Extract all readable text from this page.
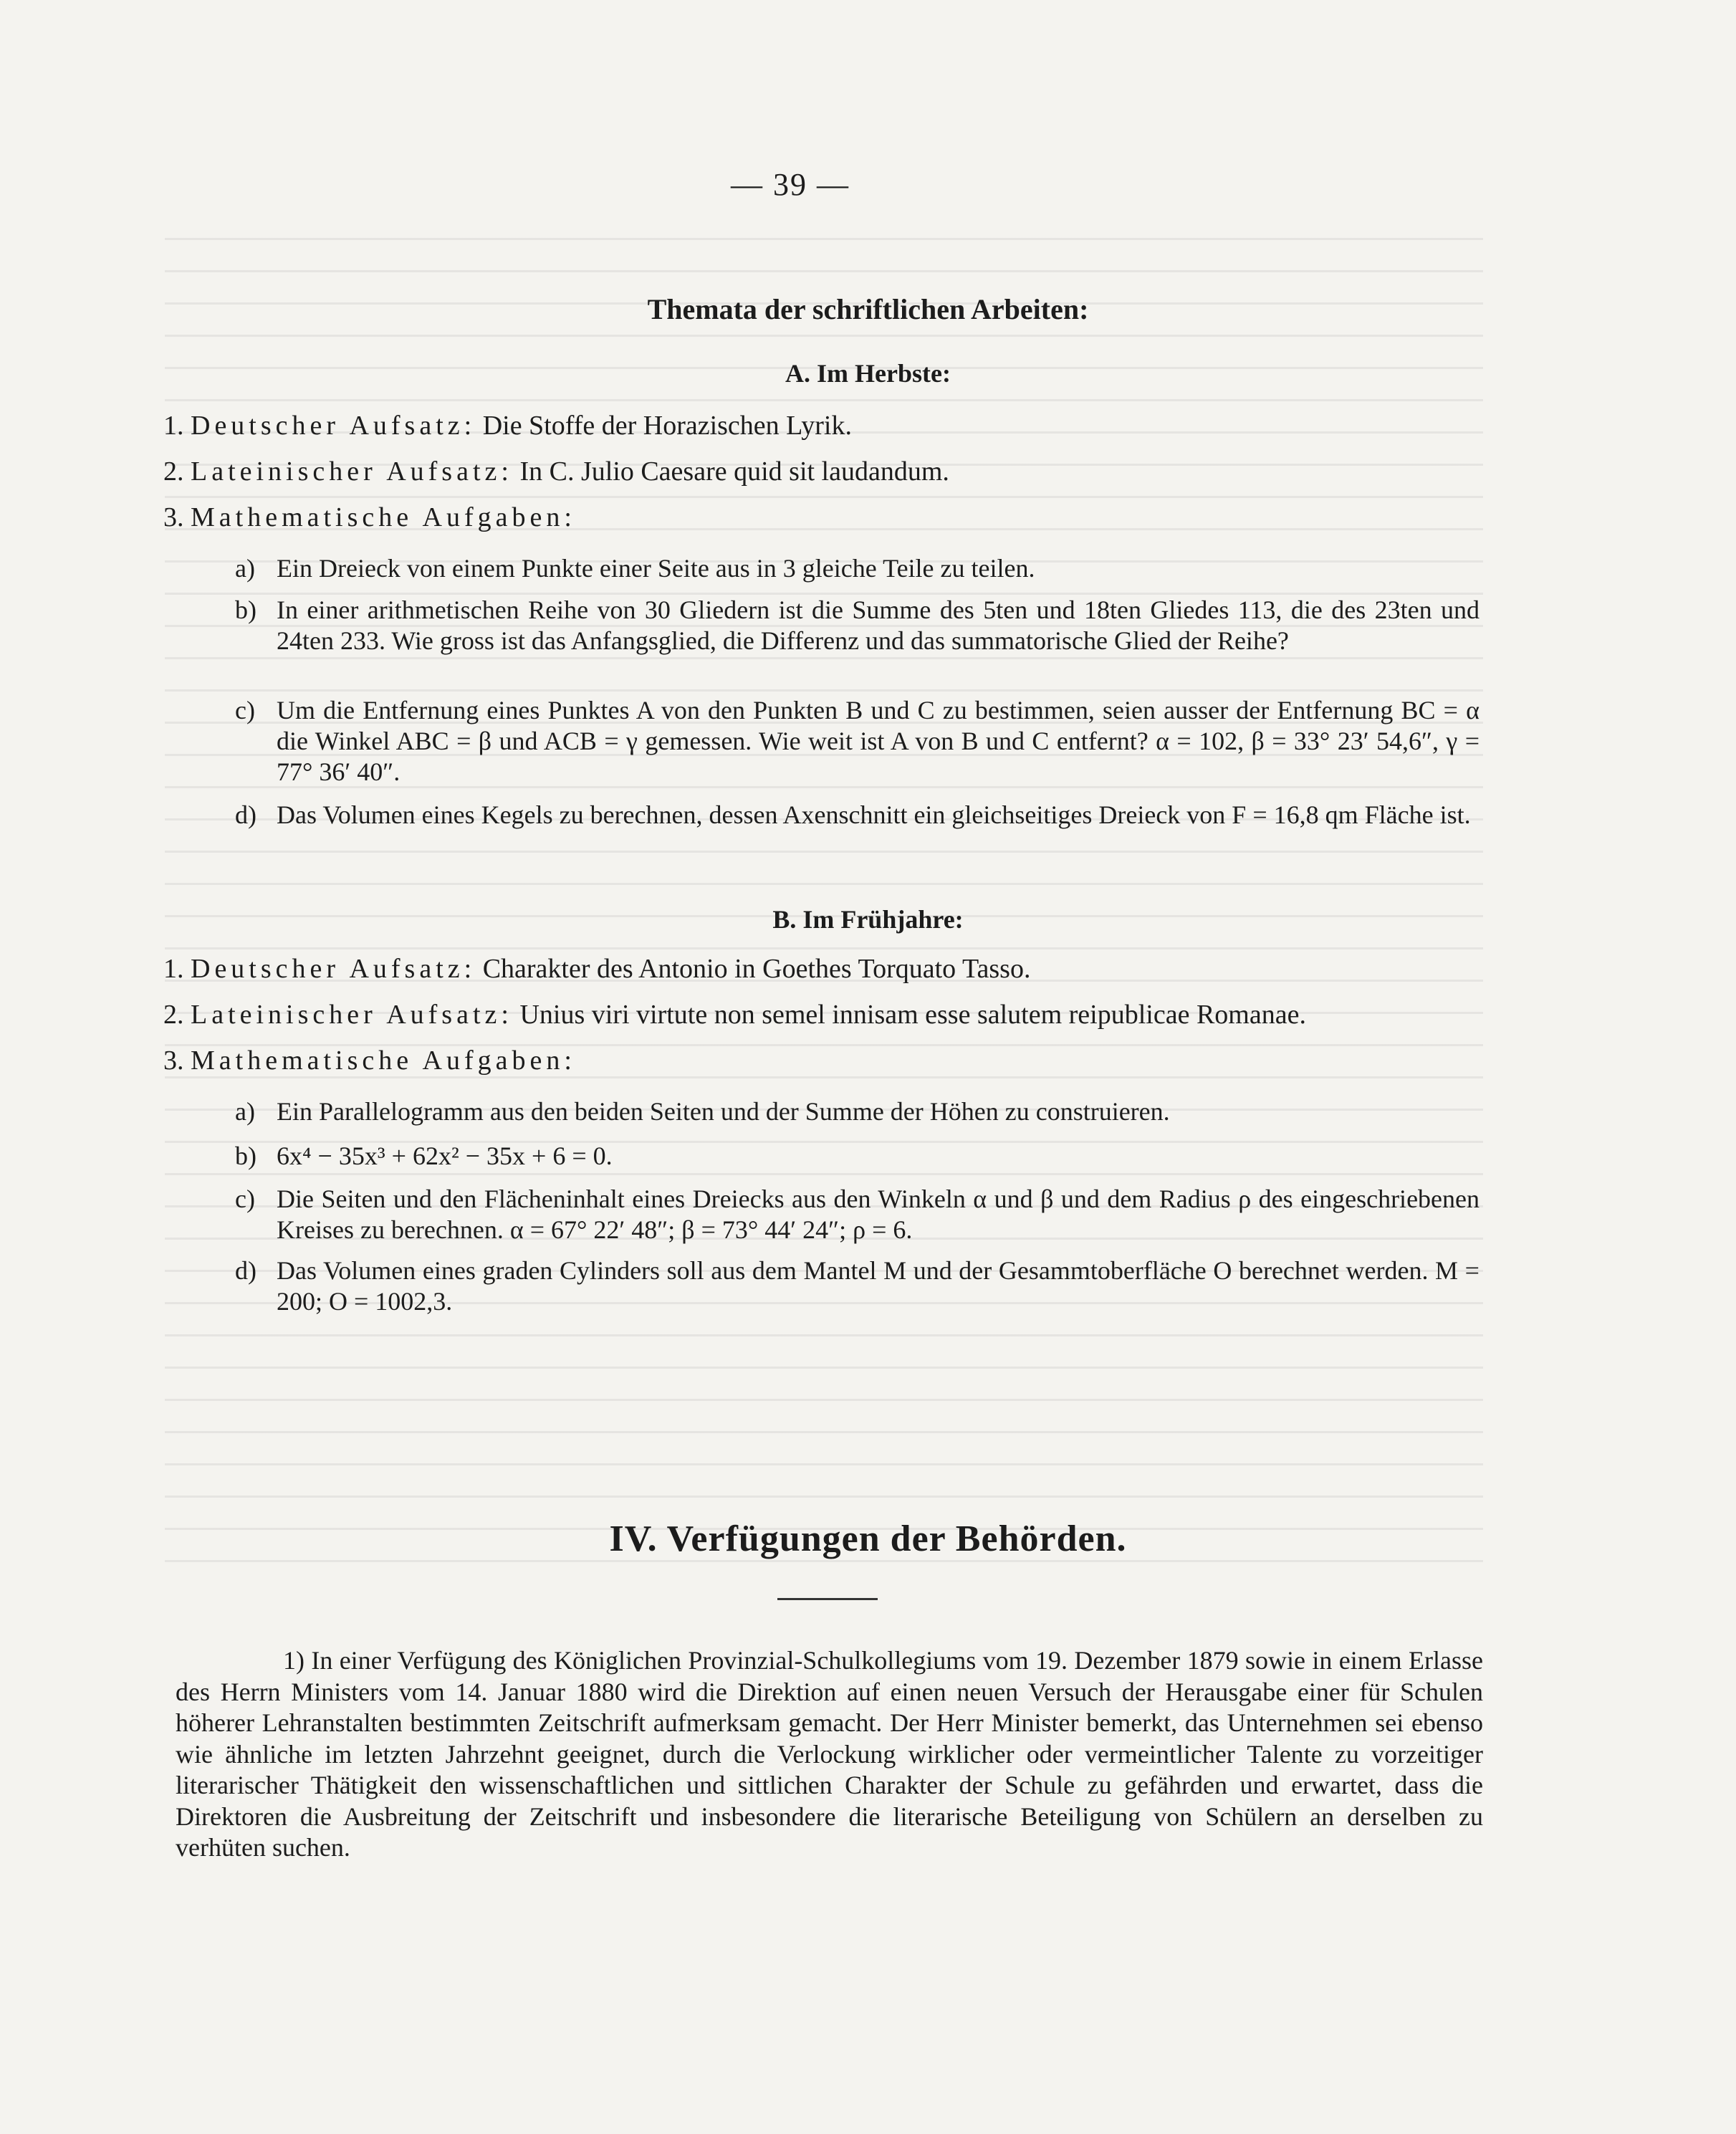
— 39 —
Themata der schriftlichen Arbeiten:
A. Im Herbste:
1. Deutscher Aufsatz: Die Stoffe der Horazischen Lyrik.
2. Lateinischer Aufsatz: In C. Julio Caesare quid sit laudandum.
3. Mathematische Aufgaben:
a) Ein Dreieck von einem Punkte einer Seite aus in 3 gleiche Teile zu teilen.
b) In einer arithmetischen Reihe von 30 Gliedern ist die Summe des 5ten und 18ten Gliedes 113, die des 23ten und 24ten 233. Wie gross ist das Anfangsglied, die Differenz und das summatorische Glied der Reihe?
c) Um die Entfernung eines Punktes A von den Punkten B und C zu bestimmen, seien ausser der Entfernung BC = α die Winkel ABC = β und ACB = γ gemessen. Wie weit ist A von B und C entfernt? α = 102, β = 33° 23′ 54,6″, γ = 77° 36′ 40″.
d) Das Volumen eines Kegels zu berechnen, dessen Axenschnitt ein gleichseitiges Dreieck von F = 16,8 qm Fläche ist.
B. Im Frühjahre:
1. Deutscher Aufsatz: Charakter des Antonio in Goethes Torquato Tasso.
2. Lateinischer Aufsatz: Unius viri virtute non semel innisam esse salutem reipublicae Romanae.
3. Mathematische Aufgaben:
a) Ein Parallelogramm aus den beiden Seiten und der Summe der Höhen zu construieren.
b) 6x⁴ − 35x³ + 62x² − 35x + 6 = 0.
c) Die Seiten und den Flächeninhalt eines Dreiecks aus den Winkeln α und β und dem Radius ρ des eingeschriebenen Kreises zu berechnen. α = 67° 22′ 48″; β = 73° 44′ 24″; ρ = 6.
d) Das Volumen eines graden Cylinders soll aus dem Mantel M und der Gesammtoberfläche O berechnet werden. M = 200; O = 1002,3.
IV. Verfügungen der Behörden.
1) In einer Verfügung des Königlichen Provinzial-Schulkollegiums vom 19. Dezember 1879 sowie in einem Erlasse des Herrn Ministers vom 14. Januar 1880 wird die Direktion auf einen neuen Versuch der Herausgabe einer für Schulen höherer Lehranstalten bestimmten Zeitschrift aufmerksam gemacht. Der Herr Minister bemerkt, das Unternehmen sei ebenso wie ähnliche im letzten Jahrzehnt geeignet, durch die Verlockung wirklicher oder vermeintlicher Talente zu vorzeitiger literarischer Thätigkeit den wissenschaftlichen und sittlichen Charakter der Schule zu gefährden und erwartet, dass die Direktoren die Ausbreitung der Zeitschrift und insbesondere die literarische Beteiligung von Schülern an derselben zu verhüten suchen.
